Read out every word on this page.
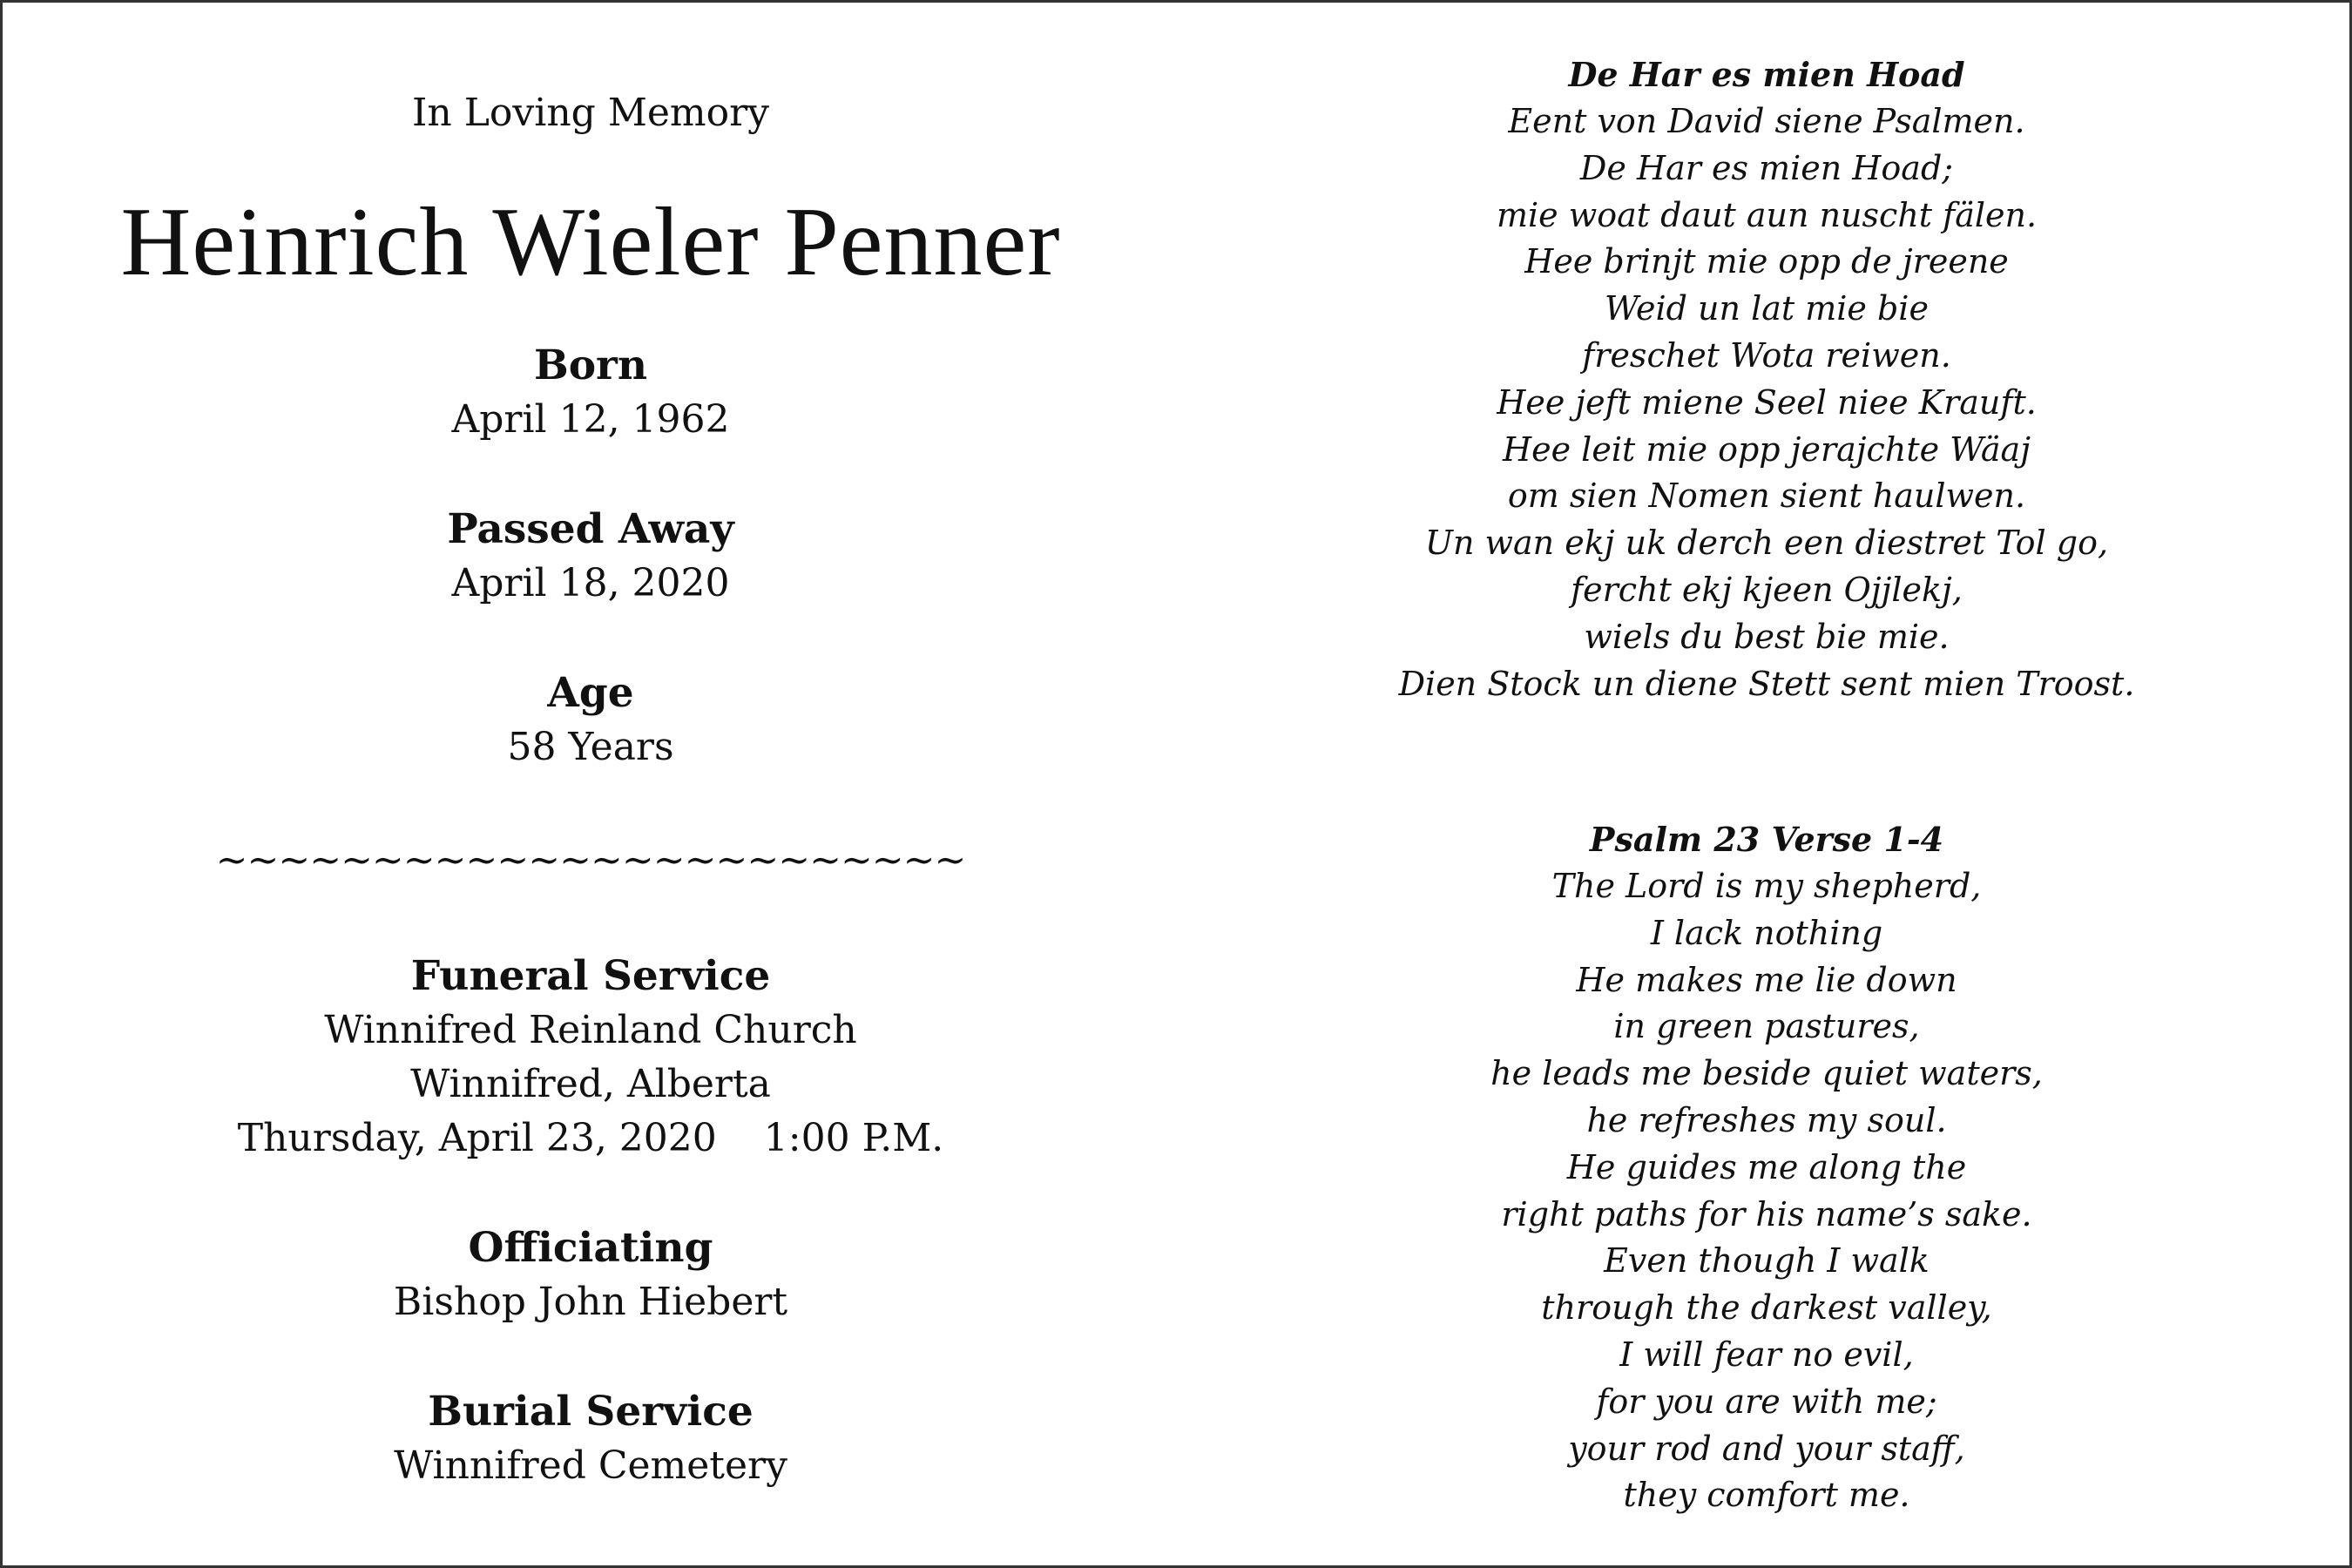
In Loving Memory
Heinrich Wieler Penner
Born
April 12, 1962
Passed Away
April 18, 2020
Age
58 Years
~~~~~~~~~~~~~~~~~~~~~~~~
Funeral Service
Winnifred Reinland Church
Winnifred, Alberta
Thursday, April 23, 2020 1:00 P.M.
Officiating
Bishop John Hiebert
Burial Service
Winnifred Cemetery
De Har es mien Hoad
Eent von David siene Psalmen.
De Har es mien Hoad;
mie woat daut aun nuscht fälen.
Hee brinjt mie opp de jreene
Weid un lat mie bie
freschet Wota reiwen.
Hee jeft miene Seel niee Krauft.
Hee leit mie opp jerajchte Wäaj
om sien Nomen sient haulwen.
Un wan ekj uk derch een diestret Tol go,
fercht ekj kjeen Ojjlekj,
wiels du best bie mie.
Dien Stock un diene Stett sent mien Troost.
Psalm 23 Verse 1-4
The Lord is my shepherd,
I lack nothing
He makes me lie down
in green pastures,
he leads me beside quiet waters,
he refreshes my soul.
He guides me along the
right paths for his name’s sake.
Even though I walk
through the darkest valley,
I will fear no evil,
for you are with me;
your rod and your staff,
they comfort me.
